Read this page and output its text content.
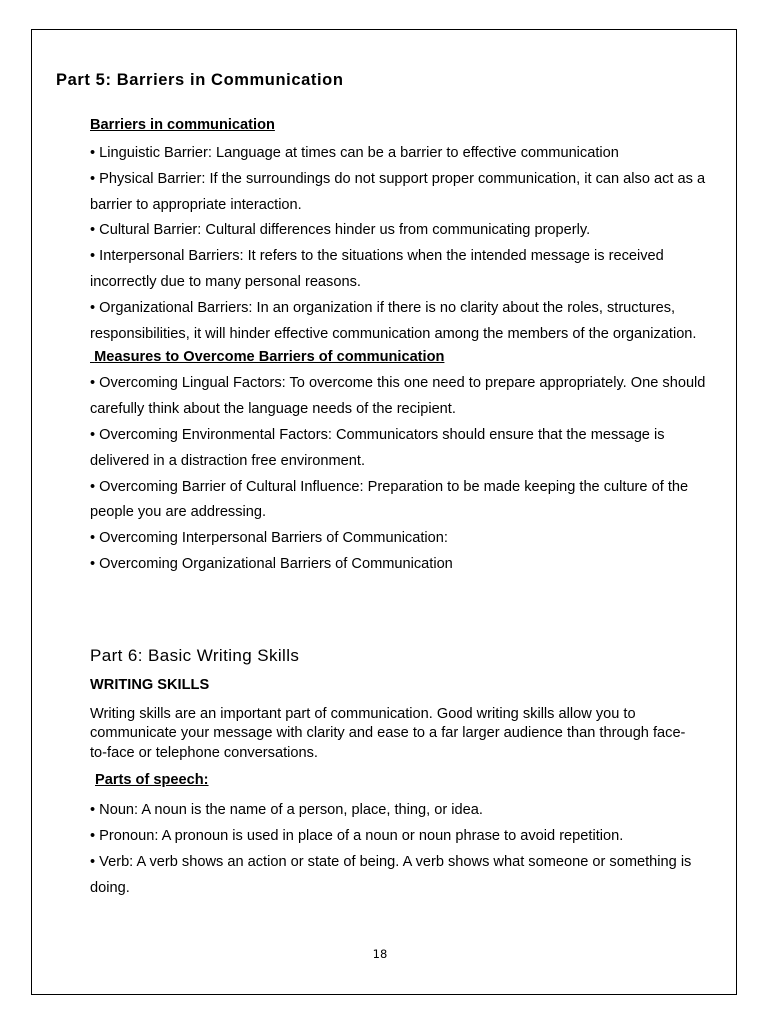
Part 5: Barriers in Communication
Barriers in communication
• Linguistic Barrier: Language at times can be a barrier to effective communication
• Physical Barrier: If the surroundings do not support proper communication, it can also act as a barrier to appropriate interaction.
• Cultural Barrier: Cultural differences hinder us from communicating properly.
• Interpersonal Barriers: It refers to the situations when the intended message is received incorrectly due to many personal reasons.
• Organizational Barriers: In an organization if there is no clarity about the roles, structures, responsibilities, it will hinder effective communication among the members of the organization.
Measures to Overcome Barriers of communication
• Overcoming Lingual Factors: To overcome this one need to prepare appropriately. One should carefully think about the language needs of the recipient.
• Overcoming Environmental Factors: Communicators should ensure that the message is delivered in a distraction free environment.
• Overcoming Barrier of Cultural Influence: Preparation to be made keeping the culture of the people you are addressing.
• Overcoming Interpersonal Barriers of Communication:
• Overcoming Organizational Barriers of Communication
Part 6: Basic Writing Skills
WRITING SKILLS
Writing skills are an important part of communication. Good writing skills allow you to communicate your message with clarity and ease to a far larger audience than through face-to-face or telephone conversations.
Parts of speech:
• Noun: A noun is the name of a person, place, thing, or idea.
• Pronoun: A pronoun is used in place of a noun or noun phrase to avoid repetition.
• Verb: A verb shows an action or state of being. A verb shows what someone or something is doing.
18
